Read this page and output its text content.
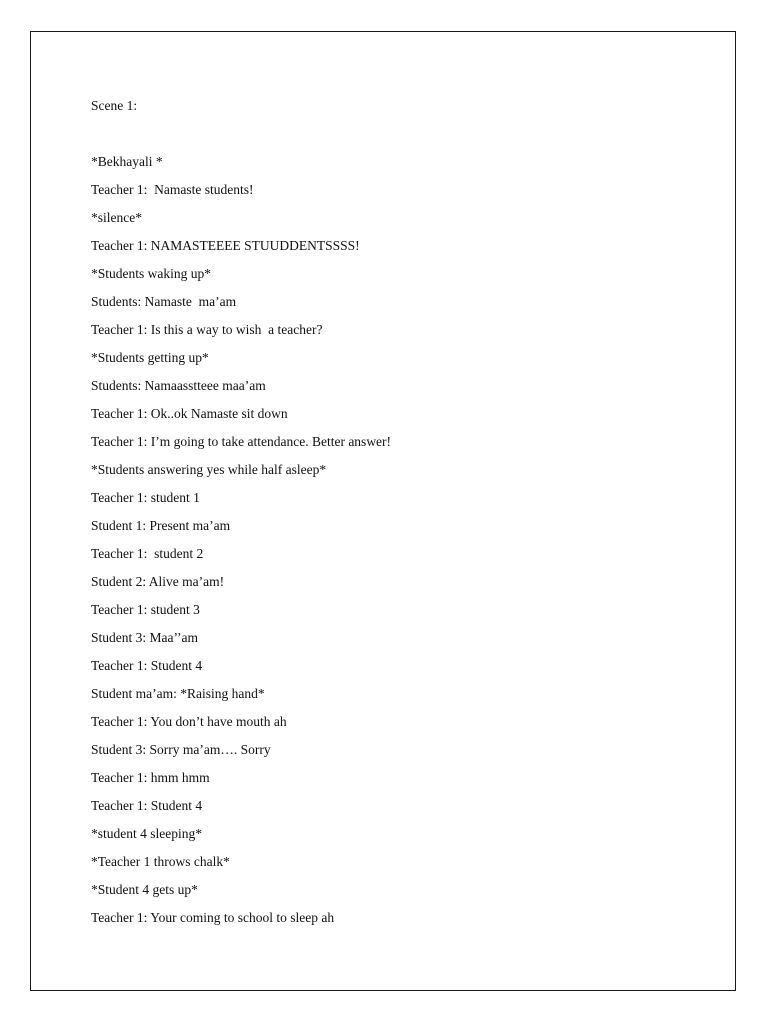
Scene 1:
*Bekhayali *
Teacher 1:  Namaste students!
*silence*
Teacher 1: NAMASTEEEE STUUDDENTSSSS!
*Students waking up*
Students: Namaste  ma’am
Teacher 1: Is this a way to wish  a teacher?
*Students getting up*
Students: Namaasstteee maa’am
Teacher 1: Ok..ok Namaste sit down
Teacher 1: I’m going to take attendance. Better answer!
*Students answering yes while half asleep*
Teacher 1: student 1
Student 1: Present ma’am
Teacher 1:  student 2
Student 2: Alive ma’am!
Teacher 1: student 3
Student 3: Maa’’am
Teacher 1: Student 4
Student ma’am: *Raising hand*
Teacher 1: You don’t have mouth ah
Student 3: Sorry ma’am…. Sorry
Teacher 1: hmm hmm
Teacher 1: Student 4
*student 4 sleeping*
*Teacher 1 throws chalk*
*Student 4 gets up*
Teacher 1: Your coming to school to sleep ah
